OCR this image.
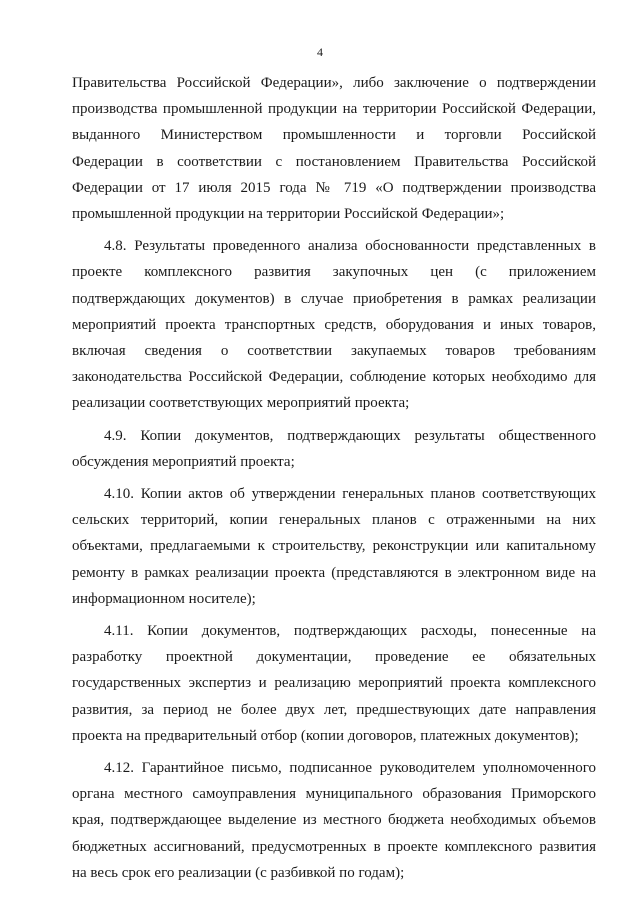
4

Правительства Российской Федерации», либо заключение о подтверждении
производства промышленной продукции на территории Российской Федерации,
выданного Министерством промышленности и торговли Российской
Федерации в соответствии с постановлением Правительства Российской
Федерации от 17 июля 2015 года № 719 «О подтверждении производства
промышленной продукции на территории Российской Федерации»;

4.8. Результаты проведенного анализа обоснованности представленных в
проекте комплексного развития закупочных цен (с приложением
подтверждающих документов) в случае приобретения в рамках реализации
мероприятий проекта транспортных средств, оборудования и иных товаров,
включая сведения о соответствии закупаемых товаров требованиям
законодательства Российской Федерации, соблюдение которых необходимо для
реализации соответствующих мероприятий проекта;

4.9. Копии документов, подтверждающих результаты общественного
обсуждения мероприятий проекта;

4.10. Копии актов об утверждении генеральных планов соответствующих
сельских территорий, копии генеральных планов с отраженными на них
объектами, предлагаемыми к строительству, реконструкции или капитальному
ремонту в рамках реализации проекта (представляются в электронном виде на
информационном носителе);

4.11. Копии документов, подтверждающих расходы, понесенные на
разработку проектной документации, проведение ее обязательных
государственных экспертиз и реализацию мероприятий проекта комплексного
развития, за период не более двух лет, предшествующих дате направления
проекта на предварительный отбор (копии договоров, платежных документов);

4.12. Гарантийное письмо, подписанное руководителем уполномоченного
органа местного самоуправления муниципального образования Приморского
края, подтверждающее выделение из местного бюджета необходимых объемов
бюджетных ассигнований, предусмотренных в проекте комплексного развития
на весь срок его реализации (с разбивкой по годам);
